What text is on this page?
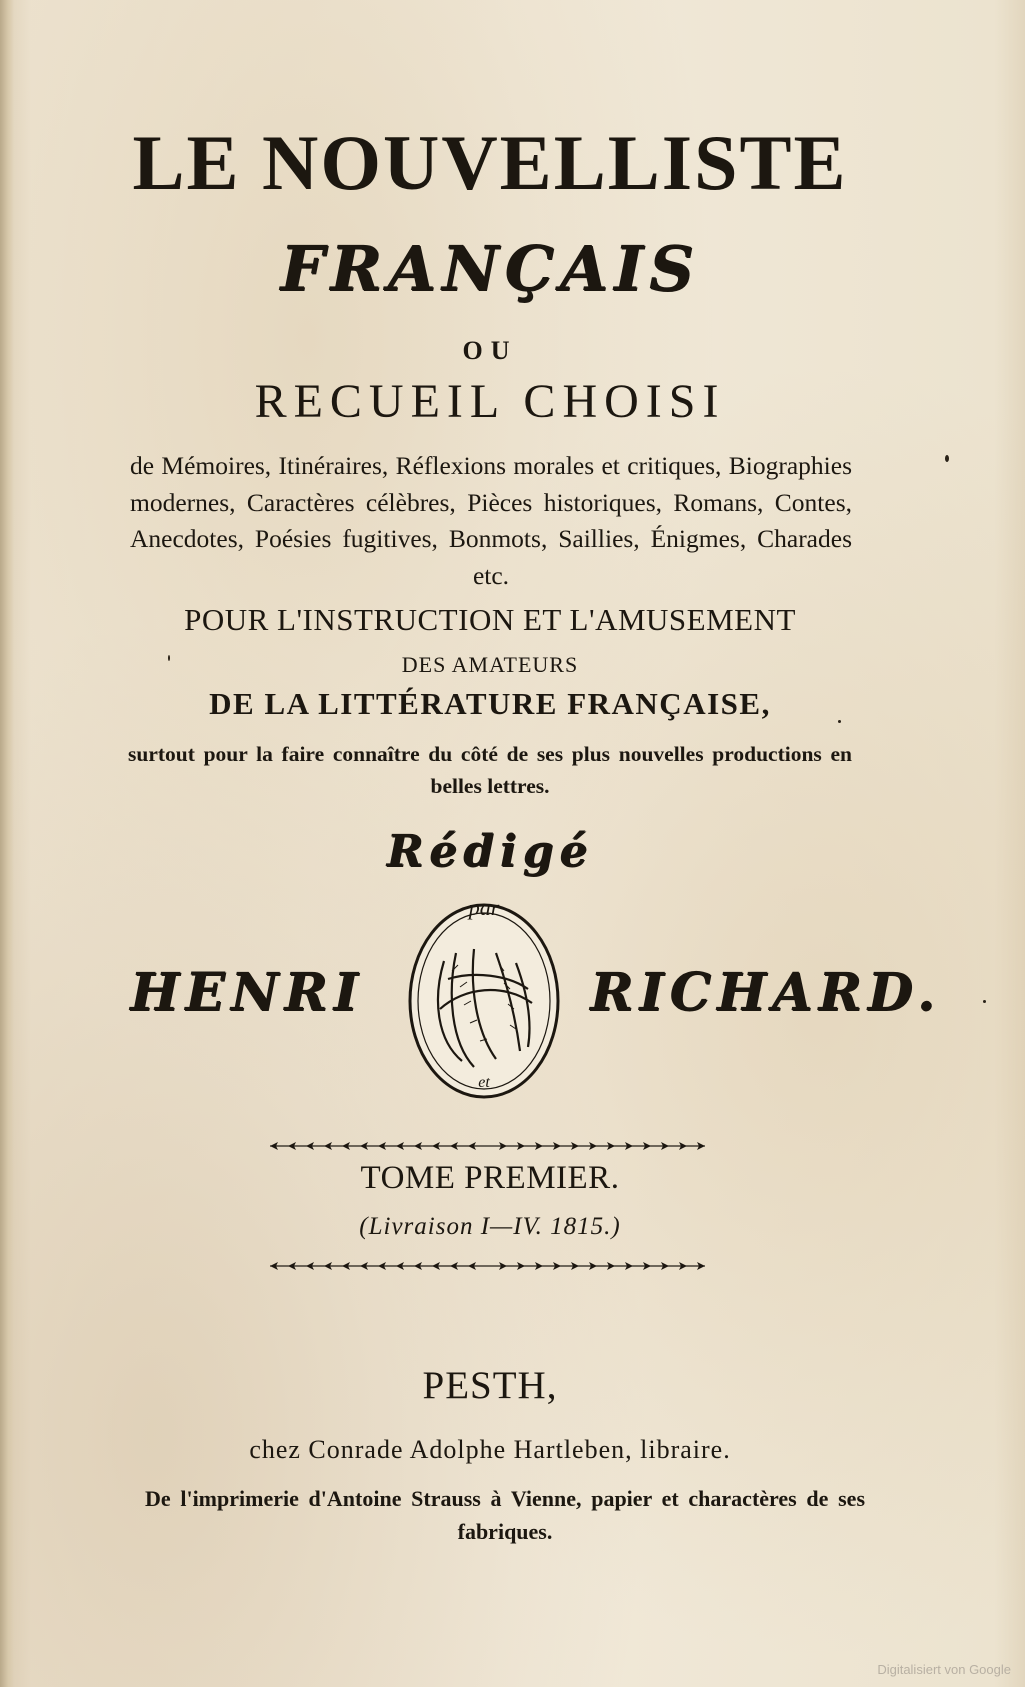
LE NOUVELLISTE
FRANÇAIS
OU
RECUEIL CHOISI
de Mémoires, Itinéraires, Réflexions morales et critiques, Biographies modernes, Caractères célèbres, Pièces historiques, Romans, Contes, Anecdotes, Poésies fugitives, Bonmots, Saillies, Énigmes, Charades etc.
POUR L'INSTRUCTION ET L'AMUSEMENT
DES AMATEURS
DE LA LITTÉRATURE FRANÇAISE,
surtout pour la faire connaître du côté de ses plus nouvelles productions en belles lettres.
Rédigé
HENRI
par
et
RICHARD.
TOME PREMIER.
(Livraison I—IV. 1815.)
PESTH,
chez Conrade Adolphe Hartleben, libraire.
De l'imprimerie d'Antoine Strauss à Vienne, papier et charactères de ses fabriques.
Digitalisiert von Google
